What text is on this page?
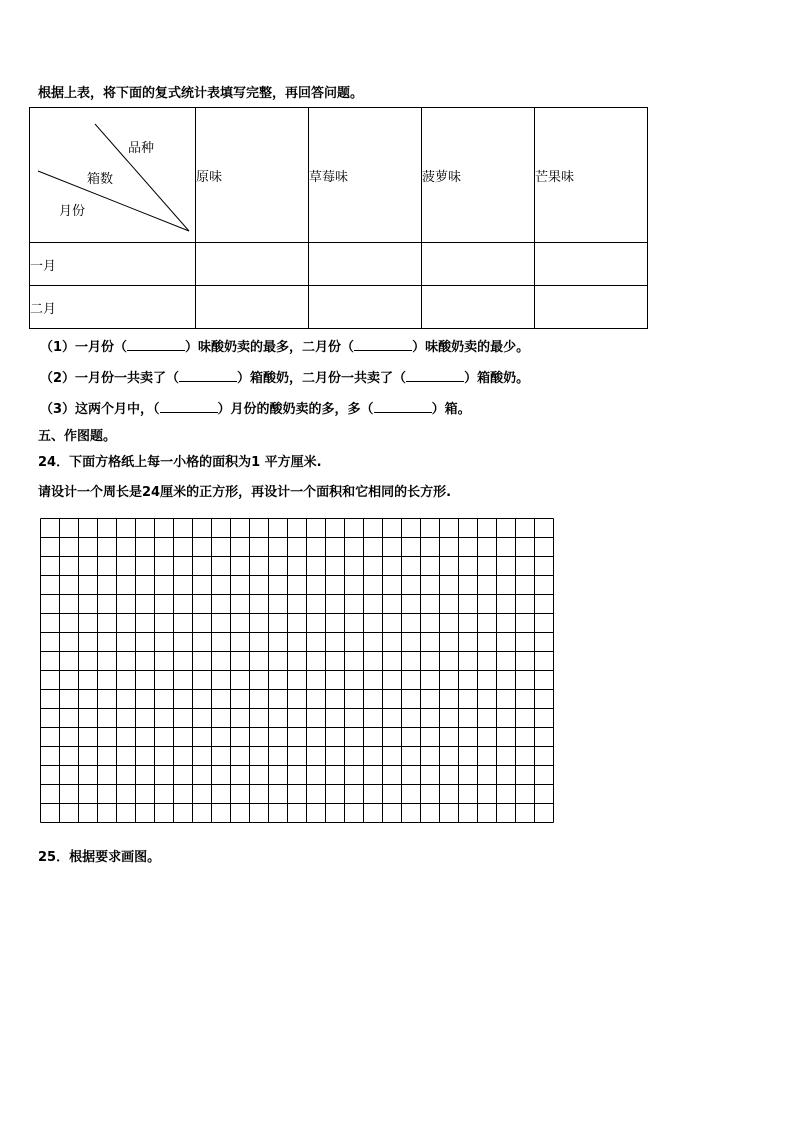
根据上表，将下面的复式统计表填写完整，再回答问题。
品种
箱数
月份	原味	草莓味	菠萝味	芒果味
一月				
二月				
（1）一月份（	）味酸奶卖的最多，二月份（	）味酸奶卖的最少。
（2）一月份一共卖了（	）箱酸奶，二月份一共卖了（	）箱酸奶。
（3）这两个月中，（	）月份的酸奶卖的多，多（	）箱。
五、作图题。
24．下面方格纸上每一小格的面积为1 平方厘米.
请设计一个周长是24厘米的正方形，再设计一个面积和它相同的长方形.
25．根据要求画图。
